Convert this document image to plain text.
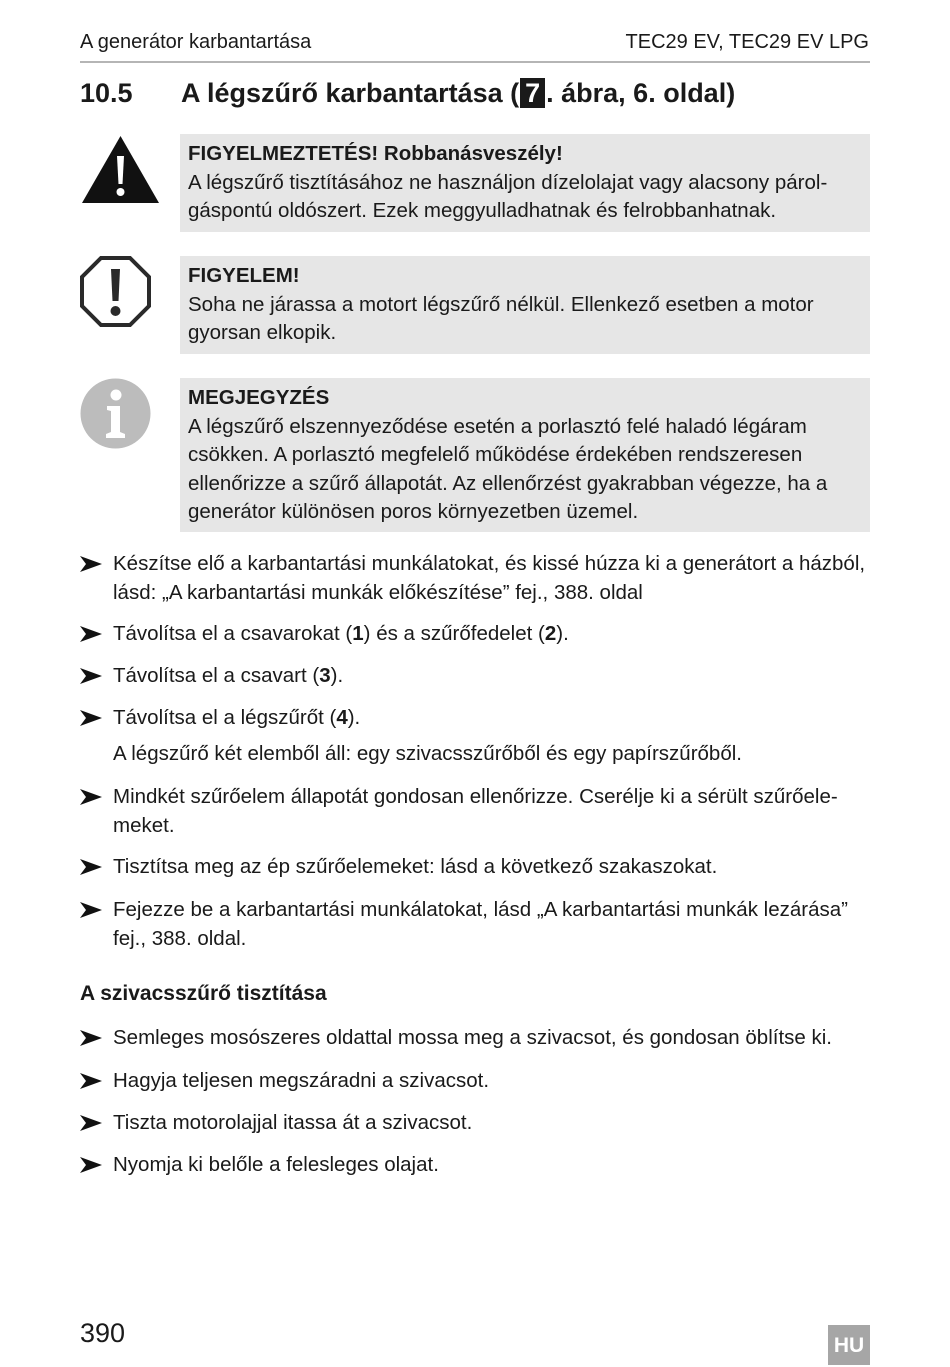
A generátor karbantartása	TEC29 EV, TEC29 EV LPG
10.5 A légszűrő karbantartása ( 7 . ábra, 6. oldal)
FIGYELMEZTETÉS! Robbanásveszély!
A légszűrő tisztításához ne használjon dízelolajat vagy alacsony párol-gáspontú oldószert. Ezek meggyulladhatnak és felrobbanhatnak.
FIGYELEM!
Soha ne járassa a motort légszűrő nélkül. Ellenkező esetben a motor gyorsan elkopik.
MEGJEGYZÉS
A légszűrő elszennyeződése esetén a porlasztó felé haladó légáram csökken. A porlasztó megfelelő működése érdekében rendszeresen ellenőrizze a szűrő állapotát. Az ellenőrzést gyakrabban végezze, ha a generátor különösen poros környezetben üzemel.
Készítse elő a karbantartási munkálatokat, és kissé húzza ki a generátort a házból, lásd: „A karbantartási munkák előkészítése” fej., 388. oldal
Távolítsa el a csavarokat (1) és a szűrőfedelet (2).
Távolítsa el a csavart (3).
Távolítsa el a légszűrőt (4).
A légszűrő két elemből áll: egy szivacsszűrőből és egy papírszűrőből.
Mindkét szűrőelem állapotát gondosan ellenőrizze. Cserélje ki a sérült szűrőele-meket.
Tisztítsa meg az ép szűrőelemeket: lásd a következő szakaszokat.
Fejezze be a karbantartási munkálatokat, lásd „A karbantartási munkák lezárása” fej., 388. oldal.
A szivacsszűrő tisztítása
Semleges mosószeres oldattal mossa meg a szivacsot, és gondosan öblítse ki.
Hagyja teljesen megszáradni a szivacsot.
Tiszta motorolajjal itassa át a szivacsot.
Nyomja ki belőle a felesleges olajat.
390	HU
